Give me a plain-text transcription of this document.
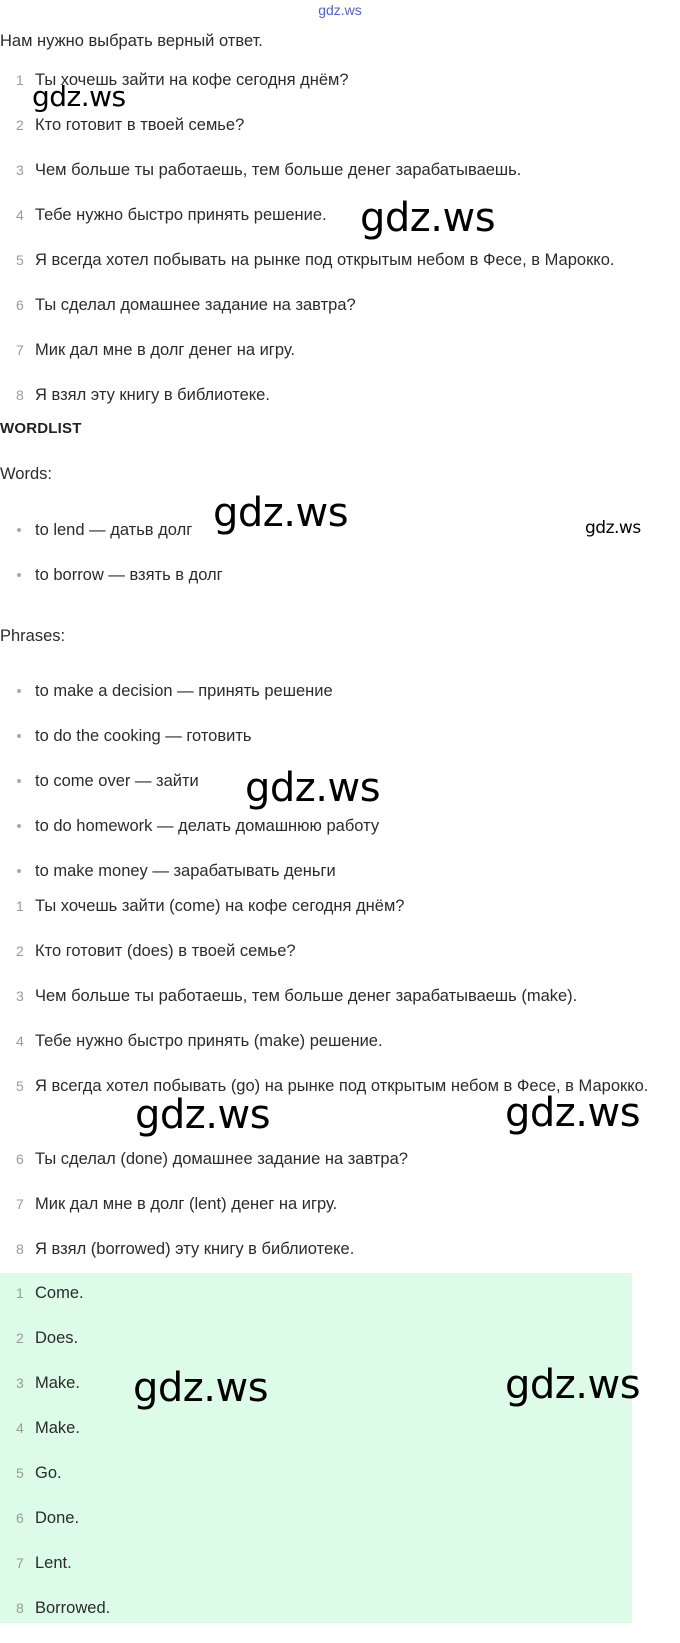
gdz.ws

Нам нужно выбрать верный ответ.

1 Ты хочешь зайти на кофе сегодня днём?
2 Кто готовит в твоей семье?
3 Чем больше ты работаешь, тем больше денег зарабатываешь.
4 Тебе нужно быстро принять решение.
5 Я всегда хотел побывать на рынке под открытым небом в Фесе, в Марокко.
6 Ты сделал домашнее задание на завтра?
7 Мик дал мне в долг денег на игру.
8 Я взял эту книгу в библиотеке.
WORDLIST

Words:

to lend — датьв долг
to borrow — взять в долг

Phrases:

to make a decision — принять решение
to do the cooking — готовить
to come over — зайти
to do homework — делать домашнюю работу
to make money — зарабатывать деньги
1 Ты хочешь зайти (come) на кофе сегодня днём?
2 Кто готовит (does) в твоей семье?
3 Чем больше ты работаешь, тем больше денег зарабатываешь (make).
4 Тебе нужно быстро принять (make) решение.
5 Я всегда хотел побывать (go) на рынке под открытым небом в Фесе, в Марокко.
6 Ты сделал (done) домашнее задание на завтра?
7 Мик дал мне в долг (lent) денег на игру.
8 Я взял (borrowed) эту книгу в библиотеке.
1 Come.
2 Does.
3 Make.
4 Make.
5 Go.
6 Done.
7 Lent.
8 Borrowed.
gdz.ws
gdz.ws
gdz.ws	gdz.ws
gdz.ws
gdz.ws	gdz.ws
gdz.ws	gdz.ws
